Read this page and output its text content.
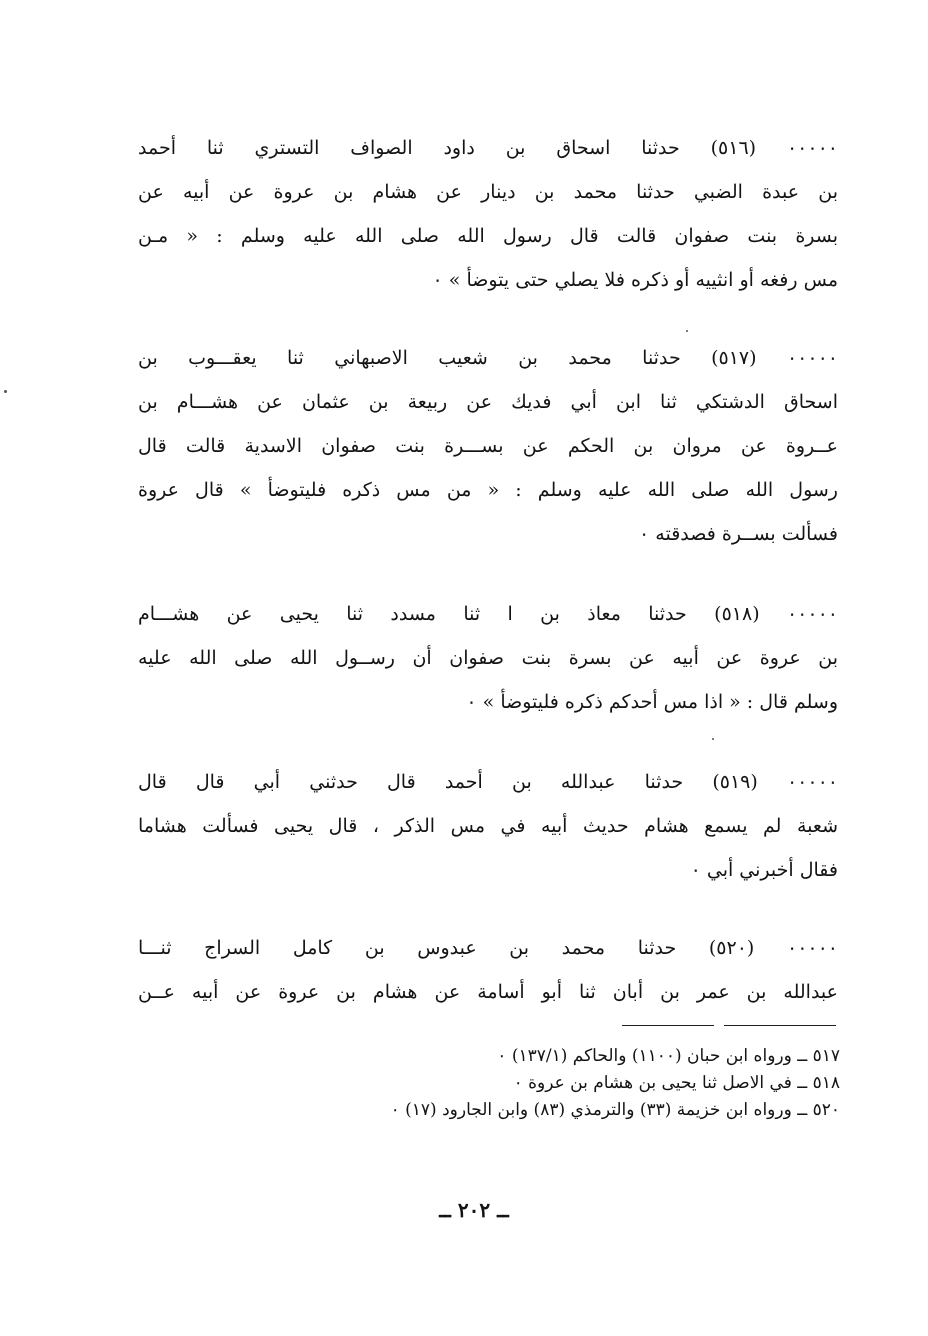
٠٠٠٠٠ (٥١٦) حدثنا اسحاق بن داود الصواف التستري ثنا أحمد
بن عبدة الضبي حدثنا محمد بن دينار عن هشام بن عروة عن أبيه عن
بسرة بنت صفوان قالت قال رسول الله صلى الله عليه وسلم : « مـن
مس رفغه أو انثييه أو ذكره فلا يصلي حتى يتوضأ » ٠
٠٠٠٠٠ (٥١٧) حدثنا محمد بن شعيب الاصبهاني ثنا يعقـــوب بن
اسحاق الدشتكي ثنا ابن أبي فديك عن ربيعة بن عثمان عن هشـــام بن
عــروة عن مروان بن الحكم عن بســـرة بنت صفوان الاسدية قالت قال
رسول الله صلى الله عليه وسلم : « من مس ذكره فليتوضأ » قال عروة
فسألت بســرة فصدقته ٠
٠٠٠٠٠ (٥١٨) حدثنا معاذ بن ا ثنا مسدد ثنا يحيى عن هشـــام
بن عروة عن أبيه عن بسرة بنت صفوان أن رســول الله صلى الله عليه
وسلم قال : « اذا مس أحدكم ذكره فليتوضأ » ٠
٠٠٠٠٠ (٥١٩) حدثنا عبدالله بن أحمد قال حدثني أبي قال قال
شعبة لم يسمع هشام حديث أبيه في مس الذكر ، قال يحيى فسألت هشاما
فقال أخبرني أبي ٠
٠٠٠٠٠ (٥٢٠) حدثنا محمد بن عبدوس بن كامل السراج ثنـــا
عبدالله بن عمر بن أبان ثنا أبو أسامة عن هشام بن عروة عن أبيه عــن
٥١٧ ــ ورواه ابن حبان (١١٠٠) والحاكم (١٣٧/١) ٠
٥١٨ ــ في الاصل ثنا يحيى بن هشام بن عروة ٠
٥٢٠ ــ ورواه ابن خزيمة (٣٣) والترمذي (٨٣) وابن الجارود (١٧) ٠
ــ ٢٠٢ ــ
